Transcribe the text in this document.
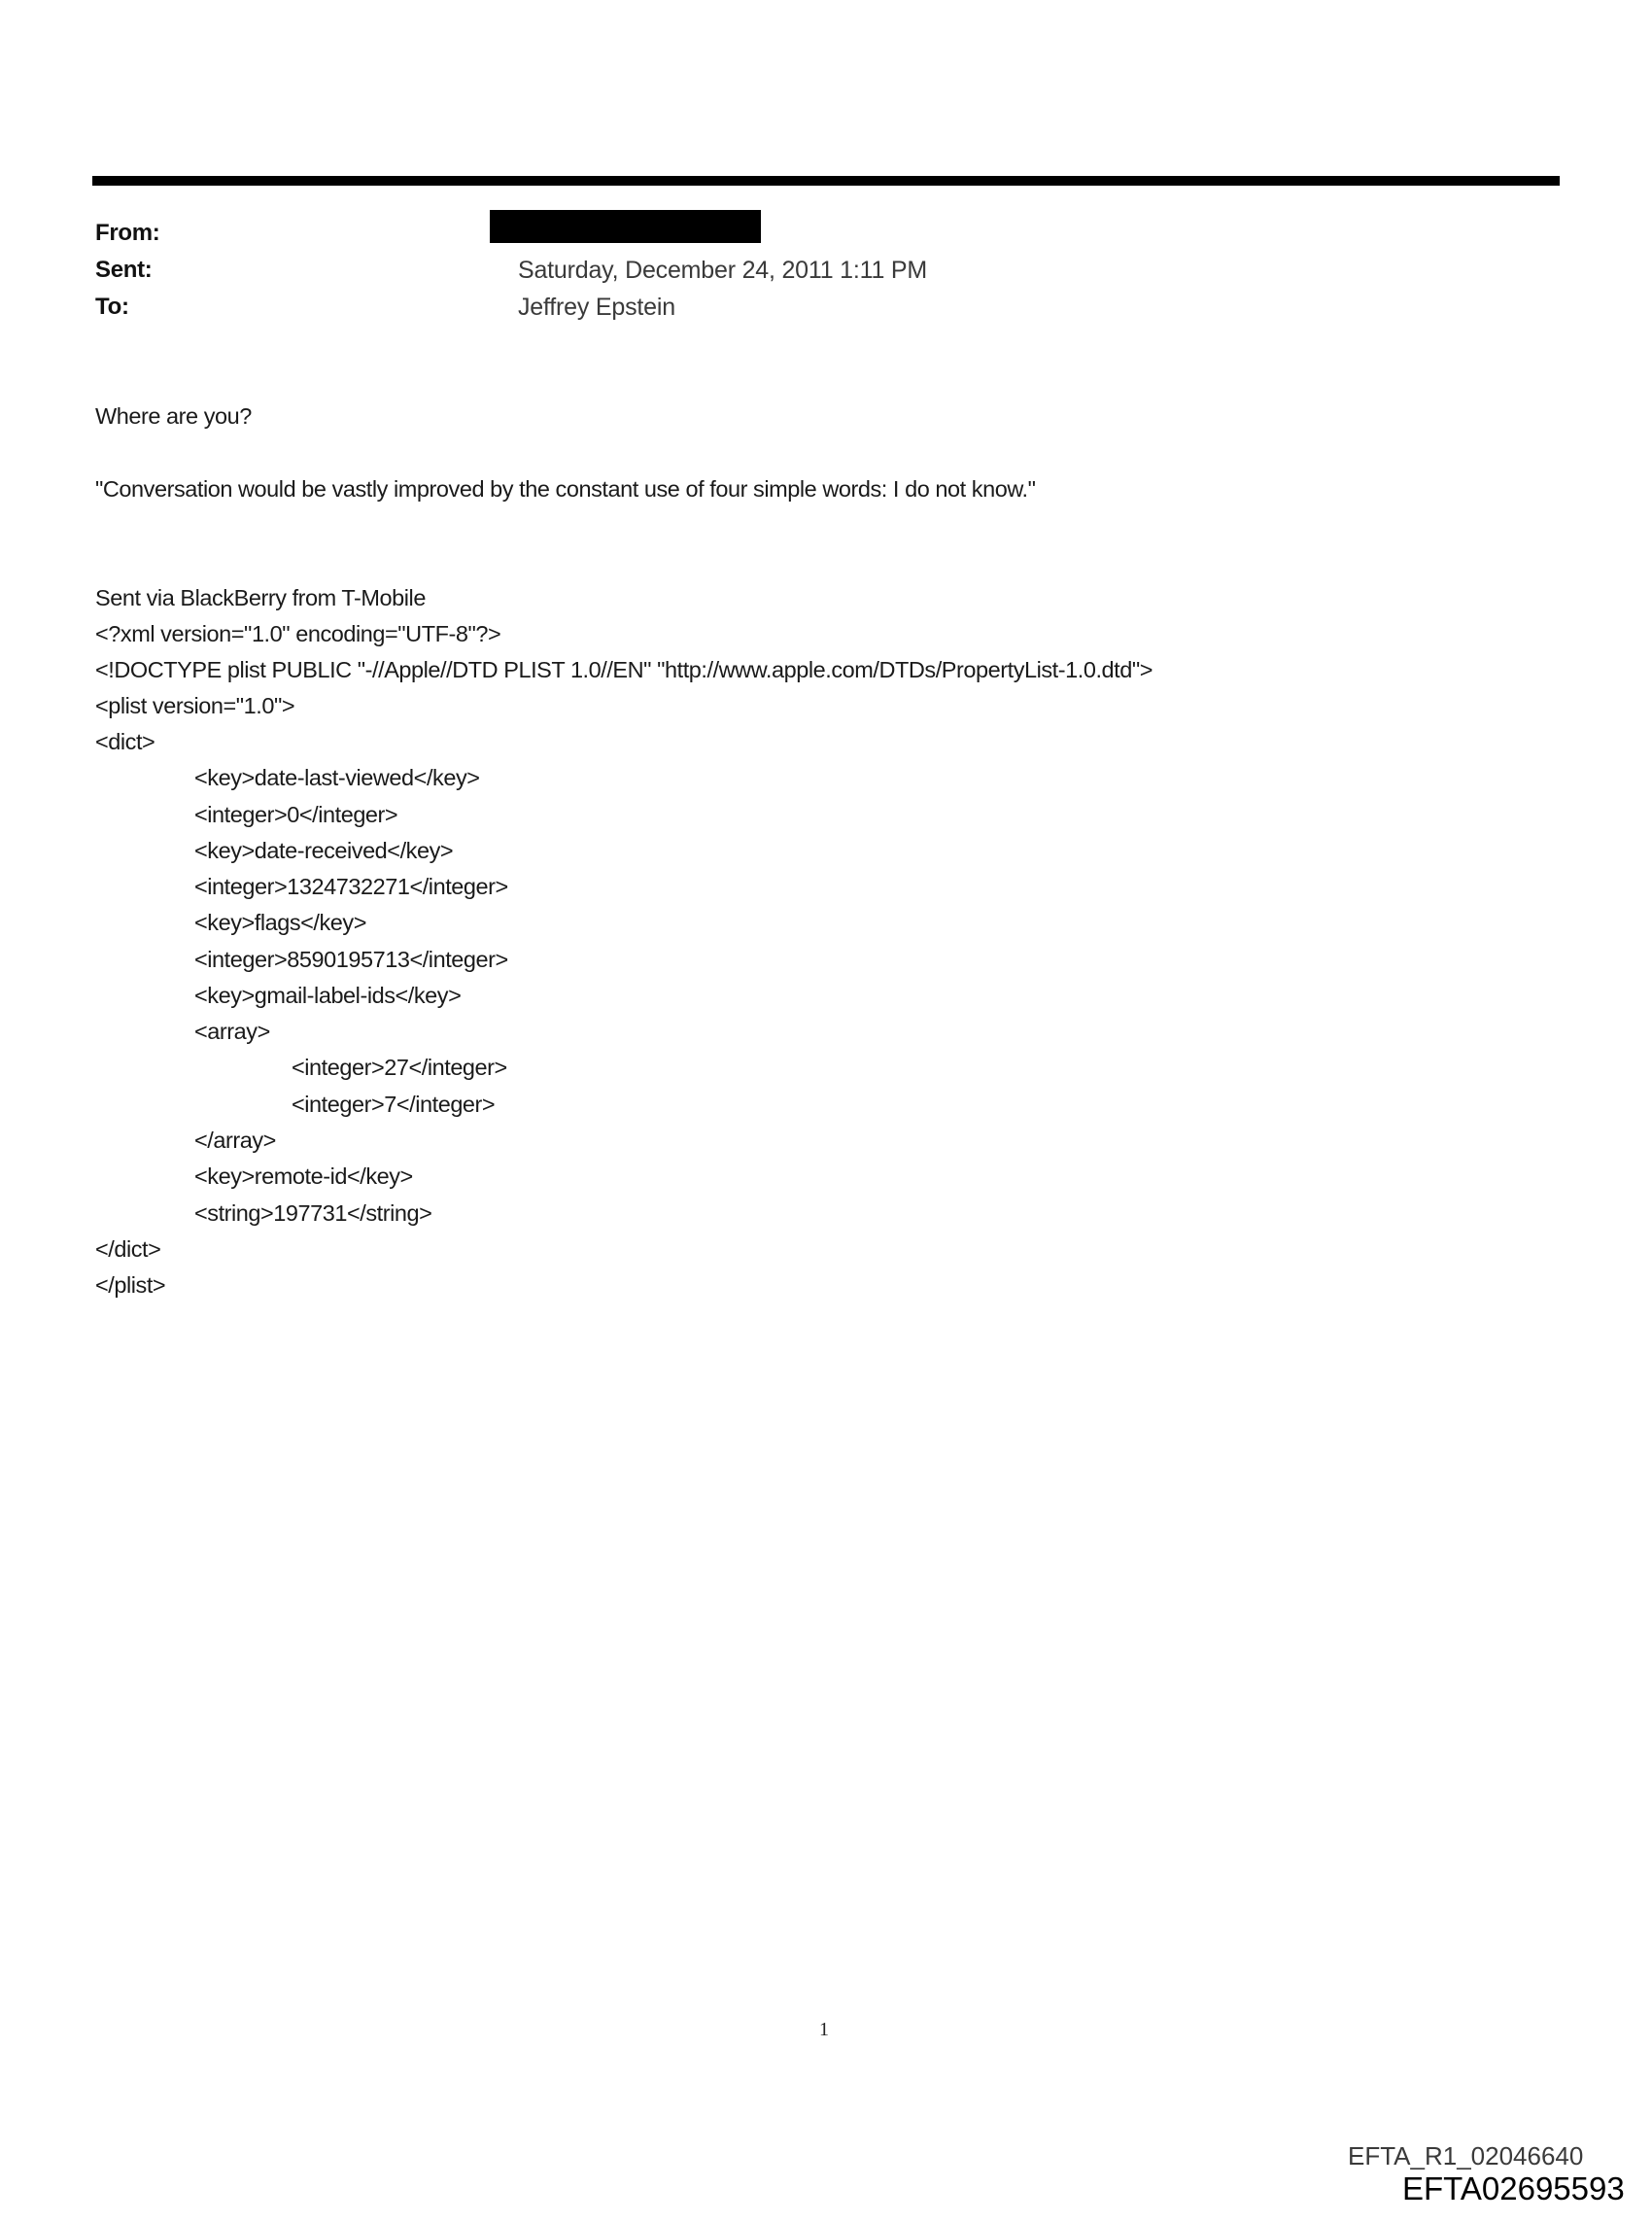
From:
Sent:	Saturday, December 24, 2011 1:11 PM
To:	Jeffrey Epstein
Where are you?
"Conversation would be vastly improved by the constant use of four simple words: I do not know."
Sent via BlackBerry from T-Mobile
<?xml version="1.0" encoding="UTF-8"?>
<!DOCTYPE plist PUBLIC "-//Apple//DTD PLIST 1.0//EN" "http://www.apple.com/DTDs/PropertyList-1.0.dtd">
<plist version="1.0">
<dict>
<key>date-last-viewed</key>
<integer>0</integer>
<key>date-received</key>
<integer>1324732271</integer>
<key>flags</key>
<integer>8590195713</integer>
<key>gmail-label-ids</key>
<array>
<integer>27</integer>
<integer>7</integer>
</array>
<key>remote-id</key>
<string>197731</string>
</dict>
</plist>
1
EFTA_R1_02046640
EFTA02695593
